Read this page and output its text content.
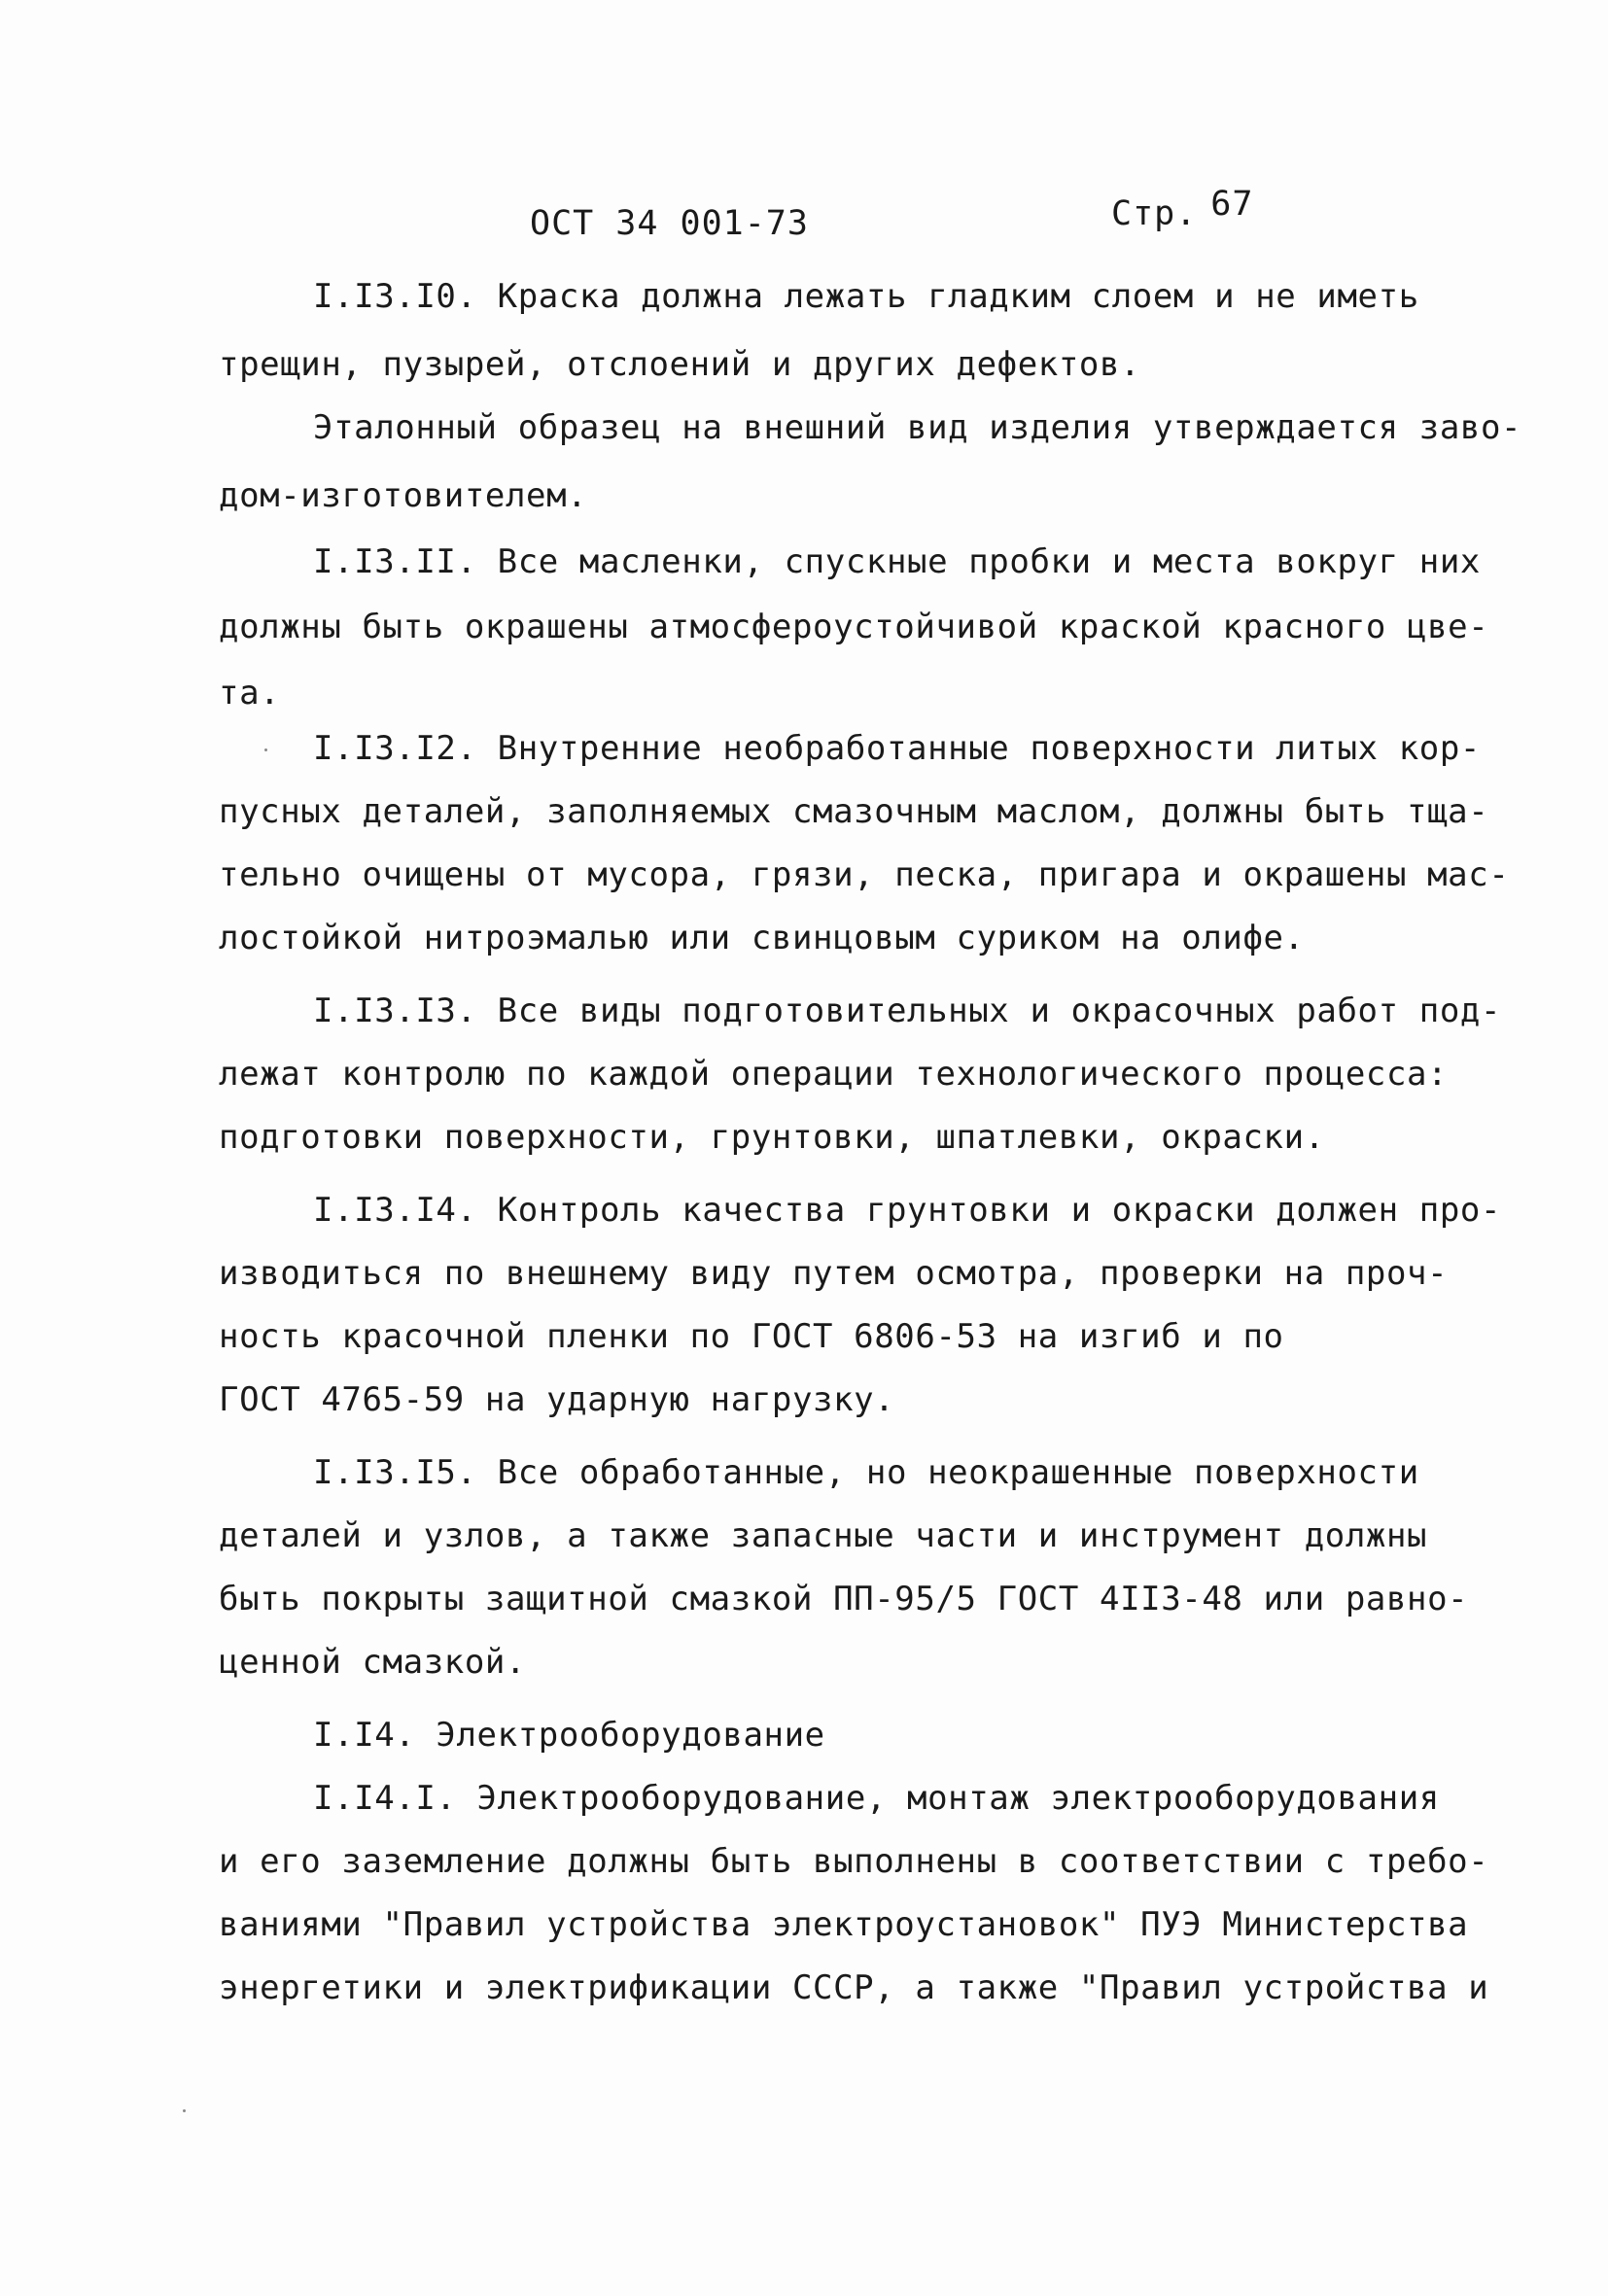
ОСТ 34 001-73	Стр. 67
I.I3.I0. Краска должна лежать гладким слоем и не иметь
трещин, пузырей, отслоений и других дефектов.
Эталонный образец на внешний вид изделия утверждается заво-
дом-изготовителем.
I.I3.II. Все масленки, спускные пробки и места вокруг них
должны быть окрашены атмосфероустойчивой краской красного цве-
та.
I.I3.I2. Внутренние необработанные поверхности литых кор-
пусных деталей, заполняемых смазочным маслом, должны быть тща-
тельно очищены от мусора, грязи, песка, пригара и окрашены мас-
лостойкой нитроэмалью или свинцовым суриком на олифе.
I.I3.I3. Все виды подготовительных и окрасочных работ под-
лежат контролю по каждой операции технологического процесса:
подготовки поверхности, грунтовки, шпатлевки, окраски.
I.I3.I4. Контроль качества грунтовки и окраски должен про-
изводиться по внешнему виду путем осмотра, проверки на проч-
ность красочной пленки по ГОСТ 6806-53 на изгиб и по
ГОСТ 4765-59 на ударную нагрузку.
I.I3.I5. Все обработанные, но неокрашенные поверхности
деталей и узлов, а также запасные части и инструмент должны
быть покрыты защитной смазкой ПП-95/5 ГОСТ 4II3-48 или равно-
ценной смазкой.
I.I4. Электрооборудование
I.I4.I. Электрооборудование, монтаж электрооборудования
и его заземление должны быть выполнены в соответствии с требо-
ваниями "Правил устройства электроустановок" ПУЭ Министерства
энергетики и электрификации СССР, а также "Правил устройства и
